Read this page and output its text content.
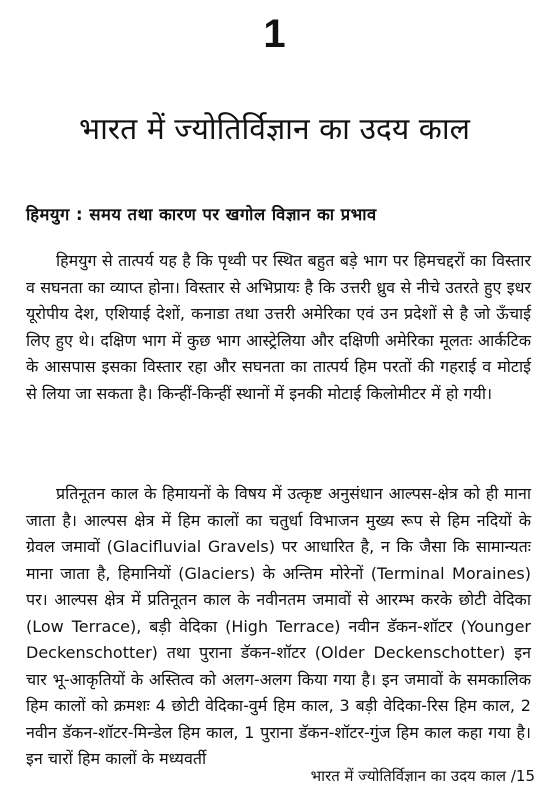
1
भारत में ज्योतिर्विज्ञान का उदय काल
हिमयुग : समय तथा कारण पर खगोल विज्ञान का प्रभाव

हिमयुग से तात्पर्य यह है कि पृथ्वी पर स्थित बहुत बड़े भाग पर हिमचद्दरों का विस्तार व सघनता का व्याप्त होना। विस्तार से अभिप्रायः है कि उत्तरी ध्रुव से नीचे उतरते हुए इधर यूरोपीय देश, एशियाई देशों, कनाडा तथा उत्तरी अमेरिका एवं उन प्रदेशों से है जो ऊँचाई लिए हुए थे। दक्षिण भाग में कुछ भाग आस्ट्रेलिया और दक्षिणी अमेरिका मूलतः आर्कटिक के आसपास इसका विस्तार रहा और सघनता का तात्पर्य हिम परतों की गहराई व मोटाई से लिया जा सकता है। किन्हीं-किन्हीं स्थानों में इनकी मोटाई किलोमीटर में हो गयी।

प्रतिनूतन काल के हिमायनों के विषय में उत्कृष्ट अनुसंधान आल्पस-क्षेत्र को ही माना जाता है। आल्पस क्षेत्र में हिम कालों का चतुर्धा विभाजन मुख्य रूप से हिम नदियों के ग्रेवल जमावों (Glacifluvial Gravels) पर आधारित है, न कि जैसा कि सामान्यतः माना जाता है, हिमानियों (Glaciers) के अन्तिम मोरेनों (Terminal Moraines) पर। आल्पस क्षेत्र में प्रतिनूतन काल के नवीनतम जमावों से आरम्भ करके छोटी वेदिका (Low Terrace), बड़ी वेदिका (High Terrace) नवीन डॅकन-शॉटर (Younger Deckenschotter) तथा पुराना डॅकन-शॉटर (Older Deckenschotter) इन चार भू-आकृतियों के अस्तित्व को अलग-अलग किया गया है। इन जमावों के समकालिक हिम कालों को क्रमशः 4 छोटी वेदिका-वुर्म हिम काल, 3 बड़ी वेदिका-रिस हिम काल, 2 नवीन डॅकन-शॉटर-मिन्डेल हिम काल, 1 पुराना डॅकन-शॉटर-गुंज हिम काल कहा गया है। इन चारों हिम कालों के मध्यवर्ती

भारत में ज्योतिर्विज्ञान का उदय काल /15
